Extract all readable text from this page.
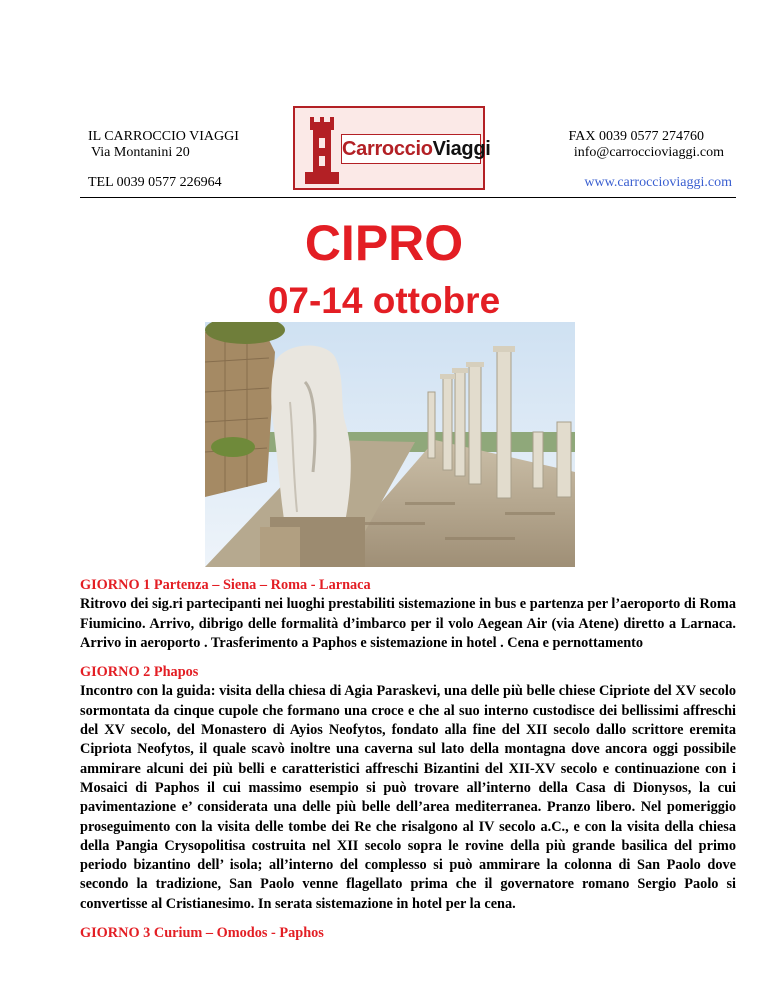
IL CARROCCIO VIAGGI
Via Montanini 20
TEL 0039 0577 226964
CarroccioViaggi
FAX 0039 0577 274760
info@carroccioviaggi.com
www.carroccioviaggi.com
CIPRO
07-14 ottobre
GIORNO 1 Partenza – Siena – Roma - Larnaca
Ritrovo dei sig.ri partecipanti nei luoghi prestabiliti sistemazione in bus e partenza per l’aeroporto di Roma Fiumicino. Arrivo, dibrigo delle formalità d’imbarco per il volo Aegean Air (via Atene) diretto a Larnaca. Arrivo in aeroporto . Trasferimento a Paphos e sistemazione in hotel . Cena e pernottamento
GIORNO 2 Phapos
Incontro con la guida: visita della chiesa di Agia Paraskevi, una delle più belle chiese Cipriote del XV secolo sormontata da cinque cupole che formano una croce e che al suo interno custodisce dei bellissimi affreschi del XV secolo, del Monastero di Ayios Neofytos, fondato alla fine del XII secolo dallo scrittore eremita Cipriota Neofytos, il quale scavò inoltre una caverna sul lato della montagna dove ancora oggi possibile ammirare alcuni dei più belli e caratteristici affreschi Bizantini del XII-XV secolo e continuazione con i Mosaici di Paphos il cui massimo esempio si può trovare all’interno della Casa di Dionysos, la cui pavimentazione e’ considerata una delle più belle dell’area mediterranea. Pranzo libero. Nel pomeriggio proseguimento con la visita delle tombe dei Re che risalgono al IV secolo a.C., e con la visita della chiesa della Pangia Crysopolitisa costruita nel XII secolo sopra le rovine della più grande basilica del primo periodo bizantino dell’ isola; all’interno del complesso si può ammirare la colonna di San Paolo dove secondo la tradizione, San Paolo venne flagellato prima che il governatore romano Sergio Paolo si convertisse al Cristianesimo. In serata sistemazione in hotel per la cena.
GIORNO 3 Curium – Omodos - Paphos
